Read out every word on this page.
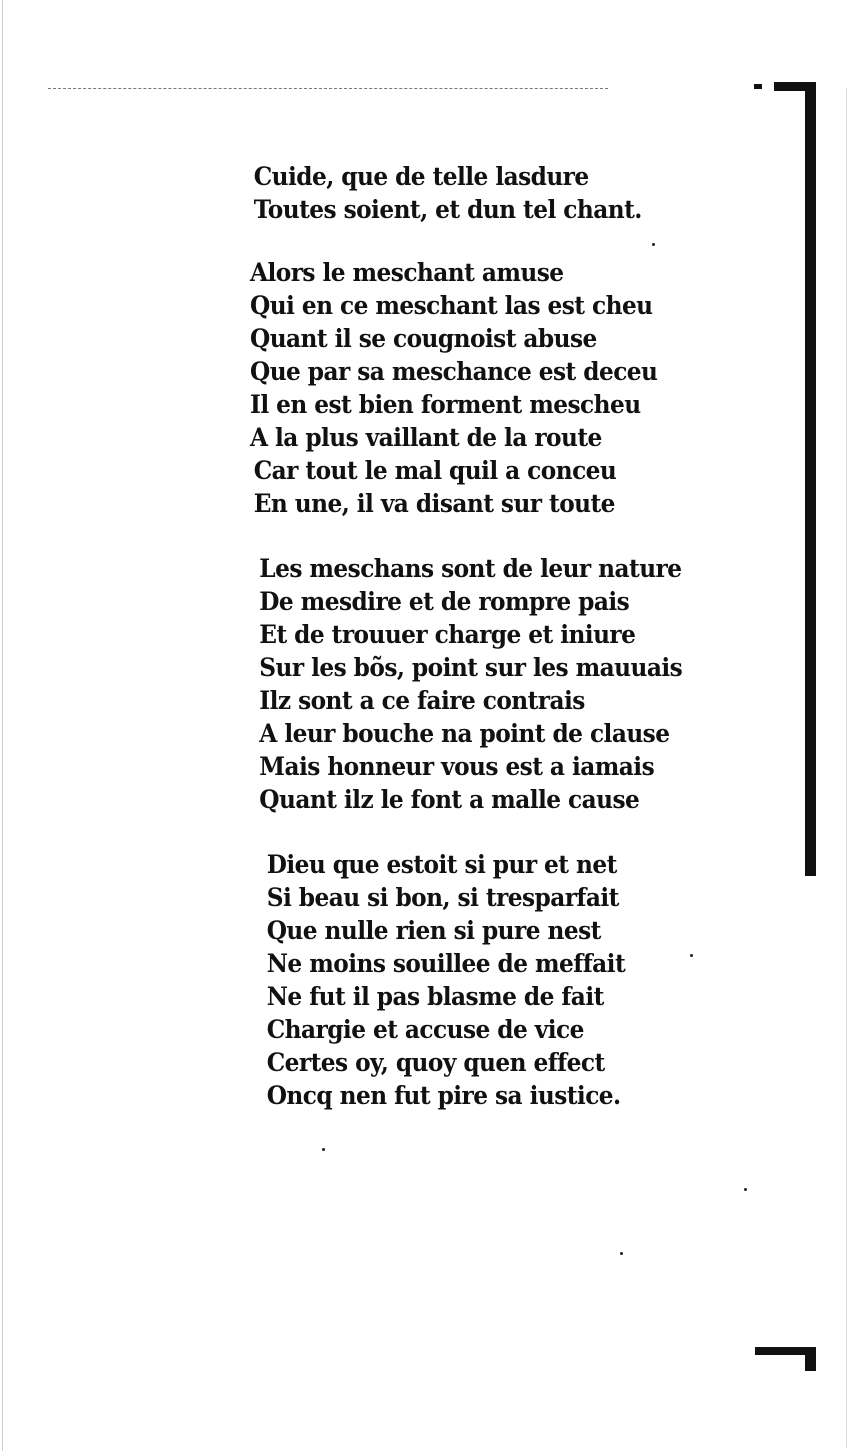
Cuide, que de telle lasdure
Toutes soient, et dun tel chant.
Alors le meschant amuse
Qui en ce meschant las est cheu
Quant il se cougnoist abuse
Que par sa meschance est deceu
Il en est bien forment mescheu
A la plus vaillant de la route
Car tout le mal quil a conceu
En une, il va disant sur toute
Les meschans sont de leur nature
De mesdire et de rompre pais
Et de trouuer charge et iniure
Sur les bõs, point sur les mauuais
Ilz sont a ce faire contrais
A leur bouche na point de clause
Mais honneur vous est a iamais
Quant ilz le font a malle cause
Dieu que estoit si pur et net
Si beau si bon, si tresparfait
Que nulle rien si pure nest
Ne moins souillee de meffait
Ne fut il pas blasme de fait
Chargie et accuse de vice
Certes oy, quoy quen effect
Oncq nen fut pire sa iustice.
